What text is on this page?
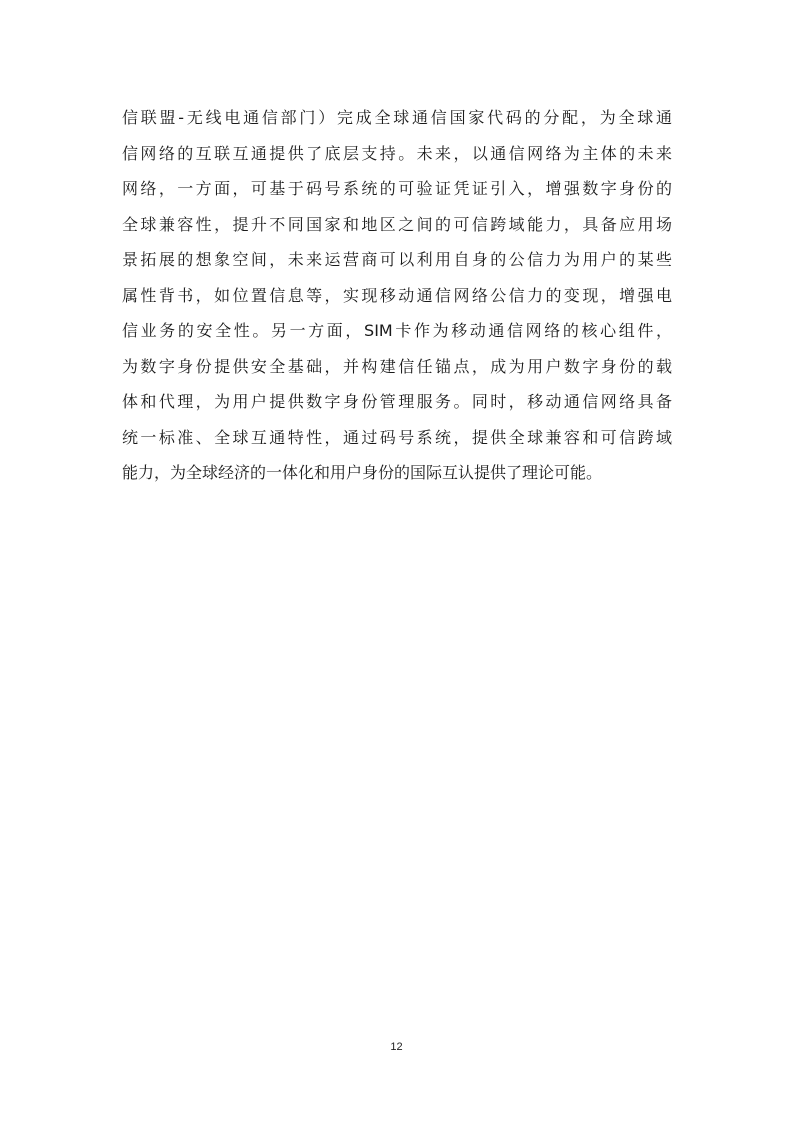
信联盟-无线电通信部门）完成全球通信国家代码的分配，为全球通
信网络的互联互通提供了底层支持。未来，以通信网络为主体的未来
网络，一方面，可基于码号系统的可验证凭证引入，增强数字身份的
全球兼容性，提升不同国家和地区之间的可信跨域能力，具备应用场
景拓展的想象空间，未来运营商可以利用自身的公信力为用户的某些
属性背书，如位置信息等，实现移动通信网络公信力的变现，增强电
信业务的安全性。另一方面，SIM卡作为移动通信网络的核心组件，
为数字身份提供安全基础，并构建信任锚点，成为用户数字身份的载
体和代理，为用户提供数字身份管理服务。同时，移动通信网络具备
统一标准、全球互通特性，通过码号系统，提供全球兼容和可信跨域
能力，为全球经济的一体化和用户身份的国际互认提供了理论可能。
12
